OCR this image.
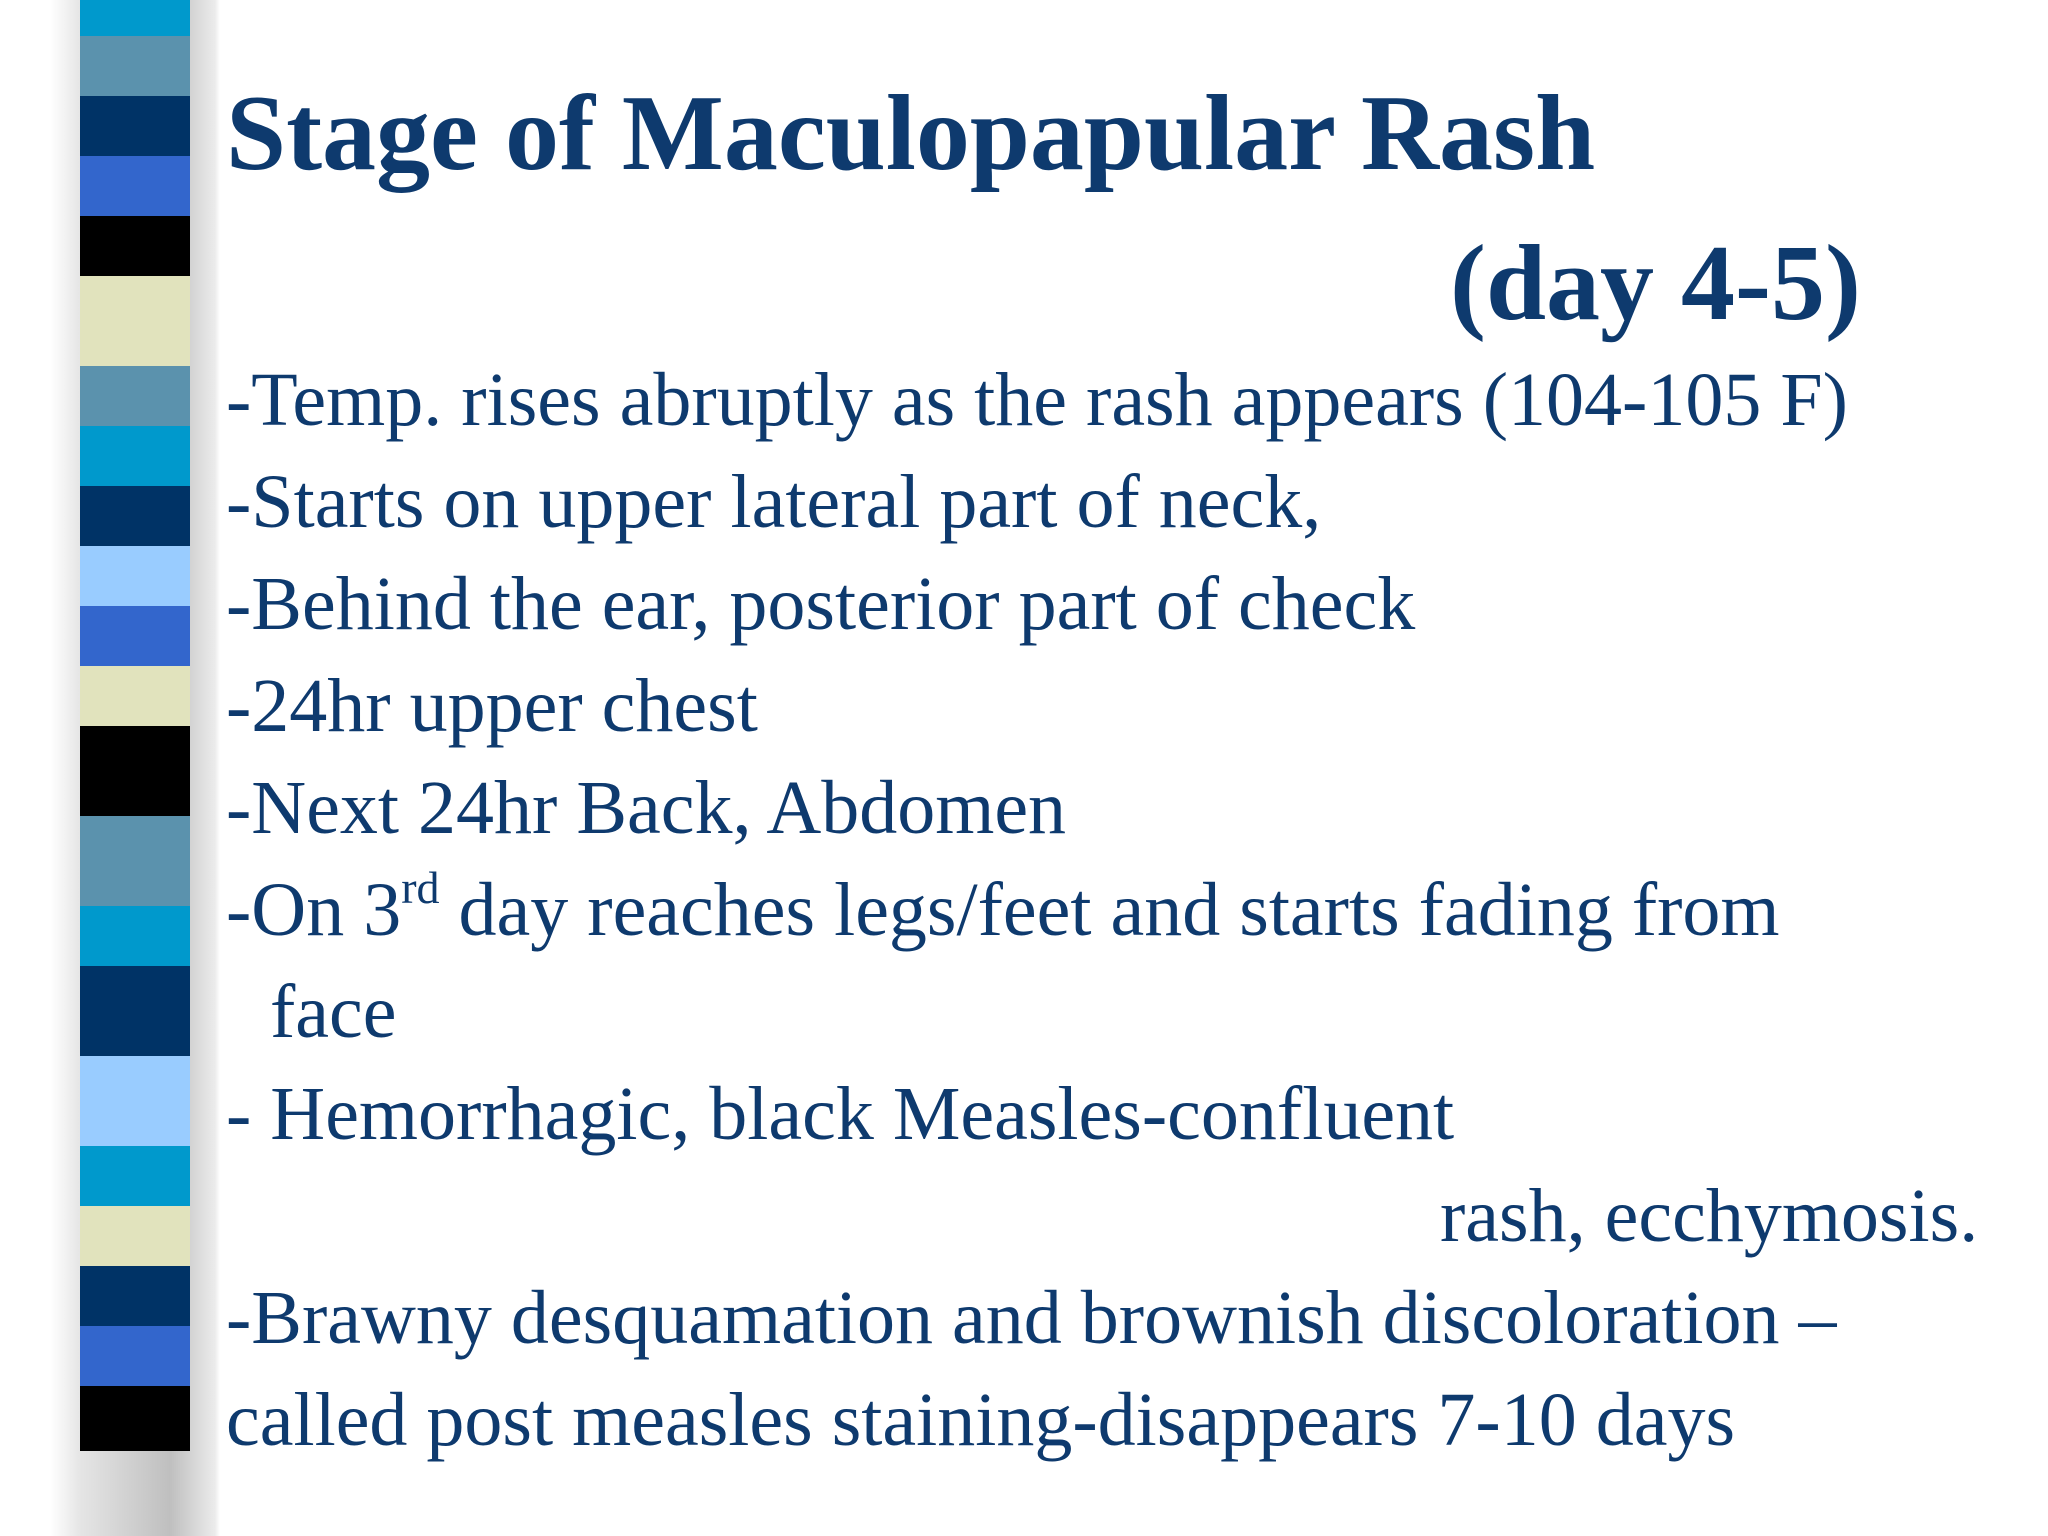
Stage of Maculopapular Rash
(day 4-5)
-Temp. rises abruptly as the rash appears (104-105 F)
-Starts on upper lateral part of neck,
-Behind the ear, posterior part of check
-24hr upper chest
-Next 24hr Back, Abdomen
-On 3rd day reaches legs/feet and starts fading from
face
- Hemorrhagic, black Measles-confluent
rash, ecchymosis.
-Brawny desquamation and brownish discoloration –
called post measles staining-disappears 7-10 days
